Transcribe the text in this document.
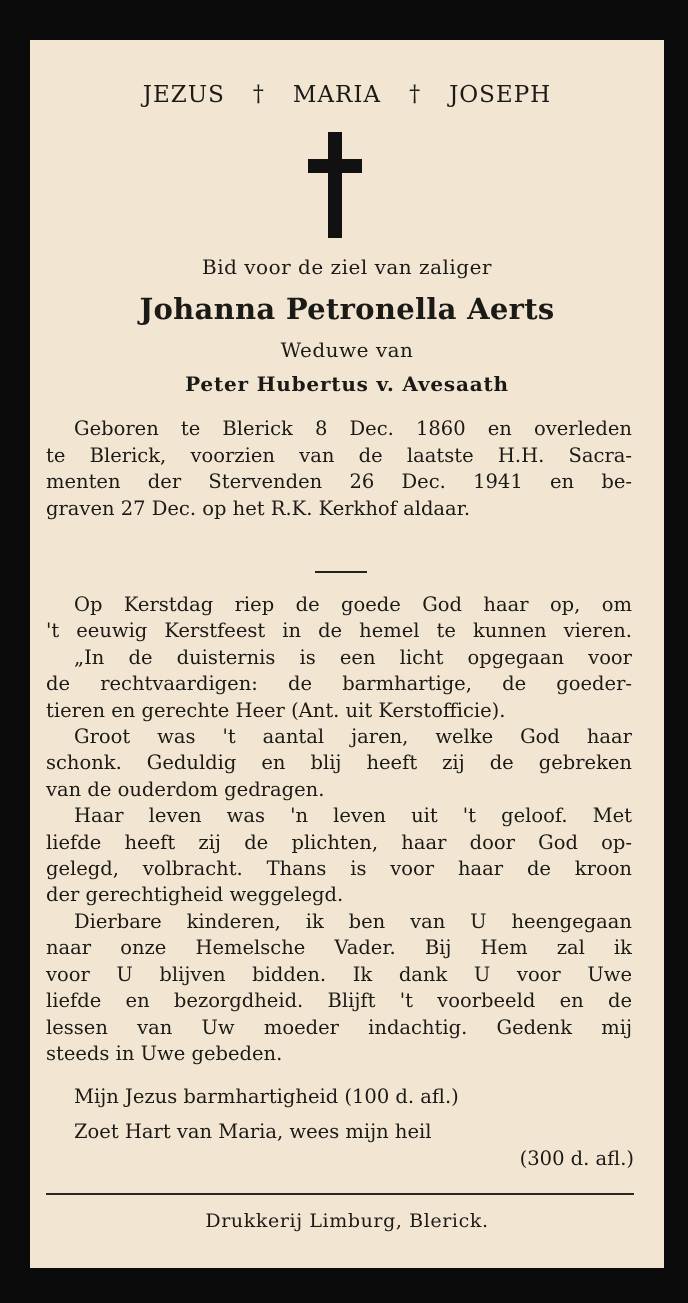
JEZUS † MARIA † JOSEPH
Bid voor de ziel van zaliger
Johanna Petronella Aerts
Weduwe van
Peter Hubertus v. Avesaath
Geboren te Blerick 8 Dec. 1860 en overleden
te Blerick, voorzien van de laatste H.H. Sacra-
menten der Stervenden 26 Dec. 1941 en be-
graven 27 Dec. op het R.K. Kerkhof aldaar.
Op Kerstdag riep de goede God haar op, om
't eeuwig Kerstfeest in de hemel te kunnen vieren.
„In de duisternis is een licht opgegaan voor
de rechtvaardigen: de barmhartige, de goeder-
tieren en gerechte Heer (Ant. uit Kerstofficie).
Groot was 't aantal jaren, welke God haar
schonk. Geduldig en blij heeft zij de gebreken
van de ouderdom gedragen.
Haar leven was 'n leven uit 't geloof. Met
liefde heeft zij de plichten, haar door God op-
gelegd, volbracht. Thans is voor haar de kroon
der gerechtigheid weggelegd.
Dierbare kinderen, ik ben van U heengegaan
naar onze Hemelsche Vader. Bij Hem zal ik
voor U blijven bidden. Ik dank U voor Uwe
liefde en bezorgdheid. Blijft 't voorbeeld en de
lessen van Uw moeder indachtig. Gedenk mij
steeds in Uwe gebeden.
Mijn Jezus barmhartigheid (100 d. afl.)
Zoet Hart van Maria, wees mijn heil
(300 d. afl.)
Drukkerij Limburg, Blerick.
